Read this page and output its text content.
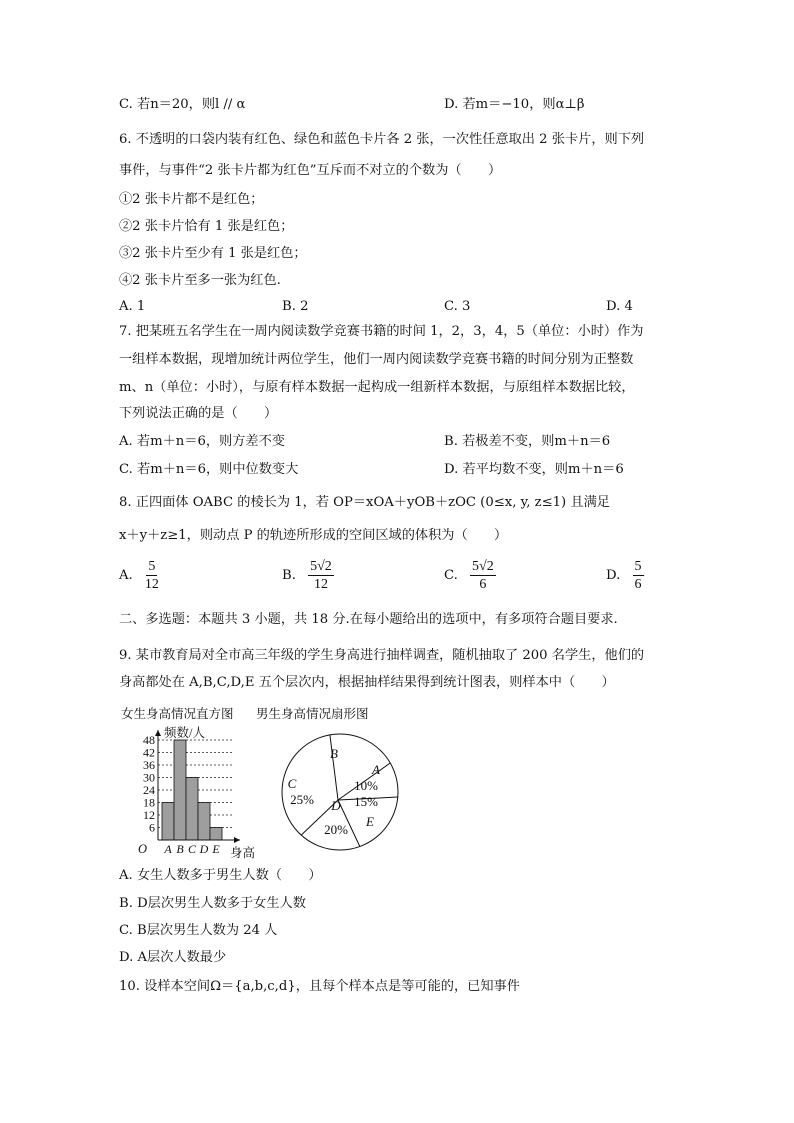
C. 若n＝20，则l // α	D. 若m＝−10，则α⊥β
6. 不透明的口袋内装有红色、绿色和蓝色卡片各 2 张，一次性任意取出 2 张卡片，则下列
事件，与事件“2 张卡片都为红色”互斥而不对立的个数为（　　）
①2 张卡片都不是红色；
②2 张卡片恰有 1 张是红色；
③2 张卡片至少有 1 张是红色；
④2 张卡片至多一张为红色.
A. 1	B. 2	C. 3	D. 4
7. 把某班五名学生在一周内阅读数学竞赛书籍的时间 1，2，3，4，5（单位：小时）作为
一组样本数据，现增加统计两位学生，他们一周内阅读数学竞赛书籍的时间分别为正整数
m、n（单位：小时），与原有样本数据一起构成一组新样本数据，与原组样本数据比较，
下列说法正确的是（　　）
A. 若m＋n＝6，则方差不变	B. 若极差不变，则m＋n＝6
C. 若m＋n＝6，则中位数变大	D. 若平均数不变，则m＋n＝6
8. 正四面体 OABC 的棱长为 1，若 OP＝xOA＋yOB＋zOC (0≤x, y, z≤1) 且满足
x＋y＋z≥1，则动点 P 的轨迹所形成的空间区域的体积为（　　）
A. $\frac{5}{12}$	B. $\frac{5√2}{12}$	C. $\frac{5√2}{6}$	D. $\frac{5}{6}$
二、多选题：本题共 3 小题，共 18 分.在每小题给出的选项中，有多项符合题目要求.
9. 某市教育局对全市高三年级的学生身高进行抽样调查，随机抽取了 200 名学生，他们的
身高都处在 A,B,C,D,E 五个层次内，根据抽样结果得到统计图表，则样本中（　　）
女生身高情况直方图 男生身高情况扇形图
6
12
18
24
30
36
42
48
A B C D E
频数/人
身高
O
A
10%
B
C
25% D
20%
E
15%
A. 女生人数多于男生人数（　　）
B. D层次男生人数多于女生人数
C. B层次男生人数为 24 人
D. A层次人数最少
10. 设样本空间Ω＝{a,b,c,d}，且每个样本点是等可能的，已知事件
